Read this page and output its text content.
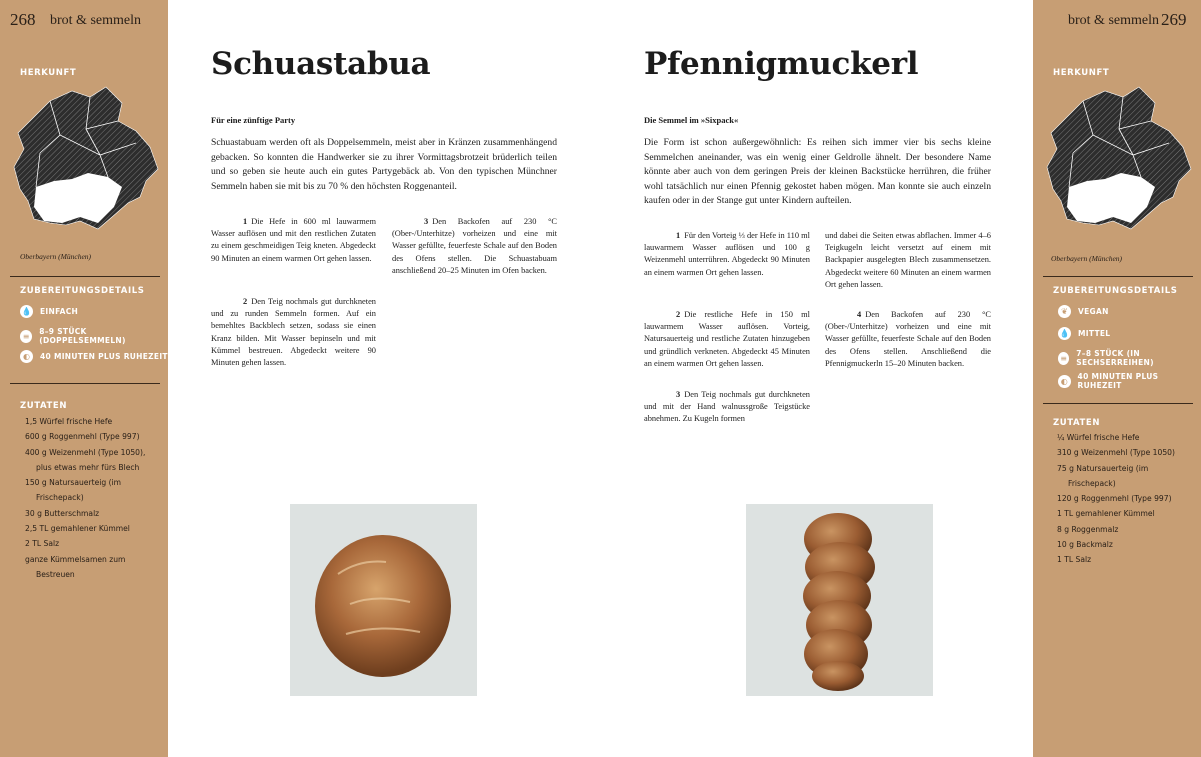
268 brot & semmeln
HERKUNFT
Oberbayern (München)
ZUBEREITUNGSDETAILS
💧 EINFACH
≡	8–9 STÜCK (DOPPELSEMMELN)
◐	40 MINUTEN PLUS RUHEZEIT
ZUTATEN
1,5 Würfel frische Hefe
600 g Roggenmehl (Type 997)
400 g Weizenmehl (Type 1050),
plus etwas mehr fürs Blech
150 g Natursauerteig (im
Frischepack)
30 g Butterschmalz
2,5 TL gemahlener Kümmel
2 TL Salz
ganze Kümmelsamen zum
Bestreuen
Schuastabua
Für eine zünftige Party
Schuastabuam werden oft als Doppelsemmeln, meist aber in Kränzen zusammenhängend gebacken. So konnten die Handwerker sie zu ihrer Vormittagsbrotzeit brüderlich teilen und so geben sie heute auch ein gutes Partygebäck ab. Von den typischen Münchner Semmeln haben sie mit bis zu 70 % den höchsten Roggenanteil.
1 Die Hefe in 600 ml lauwarmem Wasser auflösen und mit den restlichen Zutaten zu einem geschmeidigen Teig kneten. Abgedeckt 90 Minuten an einem warmen Ort gehen lassen.
2 Den Teig nochmals gut durchkneten und zu runden Semmeln formen. Auf ein bemehltes Backblech setzen, sodass sie einen Kranz bilden. Mit Wasser bepinseln und mit Kümmel bestreuen. Abgedeckt weitere 90 Minuten gehen lassen.
3 Den Backofen auf 230 °C (Ober-/Unterhitze) vorheizen und eine mit Wasser gefüllte, feuerfeste Schale auf den Boden des Ofens stellen. Die Schuastabuam anschließend 20–25 Minuten im Ofen backen.
Pfennigmuckerl
Die Semmel im »Sixpack«
Die Form ist schon außergewöhnlich: Es reihen sich immer vier bis sechs kleine Semmelchen aneinander, was ein wenig einer Geldrolle ähnelt. Der besondere Name könnte aber auch von dem geringen Preis der kleinen Backstücke herrühren, die früher wohl tatsächlich nur einen Pfennig gekostet haben mögen. Man konnte sie auch einzeln kaufen oder in der Stange gut unter Kindern aufteilen.
1 Für den Vorteig ⅓ der Hefe in 110 ml lauwarmem Wasser auflösen und 100 g Weizenmehl unterrühren. Abgedeckt 90 Minuten an einem warmen Ort gehen lassen.
2 Die restliche Hefe in 150 ml lauwarmem Wasser auflösen. Vorteig, Natursauerteig und restliche Zutaten hinzugeben und gründlich verkneten. Abgedeckt 45 Minuten an einem warmen Ort gehen lassen.
3 Den Teig nochmals gut durchkneten und mit der Hand walnussgroße Teigstücke abnehmen. Zu Kugeln formen
und dabei die Seiten etwas abflachen. Immer 4–6 Teigkugeln leicht versetzt auf einem mit Backpapier ausgelegten Blech zusammensetzen. Abgedeckt weitere 60 Minuten an einem warmen Ort gehen lassen.
4 Den Backofen auf 230 °C (Ober-/Unterhitze) vorheizen und eine mit Wasser gefüllte, feuerfeste Schale auf den Boden des Ofens stellen. Anschließend die Pfennigmuckerln 15–20 Minuten backen.
brot & semmeln 269
HERKUNFT
Oberbayern (München)
ZUBEREITUNGSDETAILS
❦	VEGAN
💧 MITTEL
≡	7–8 STÜCK (IN SECHSERREIHEN)
◐	40 MINUTEN PLUS RUHEZEIT
ZUTATEN
¼ Würfel frische Hefe
310 g Weizenmehl (Type 1050)
75 g Natursauerteig (im
Frischepack)
120 g Roggenmehl (Type 997)
1 TL gemahlener Kümmel
8 g Roggenmalz
10 g Backmalz
1 TL Salz
